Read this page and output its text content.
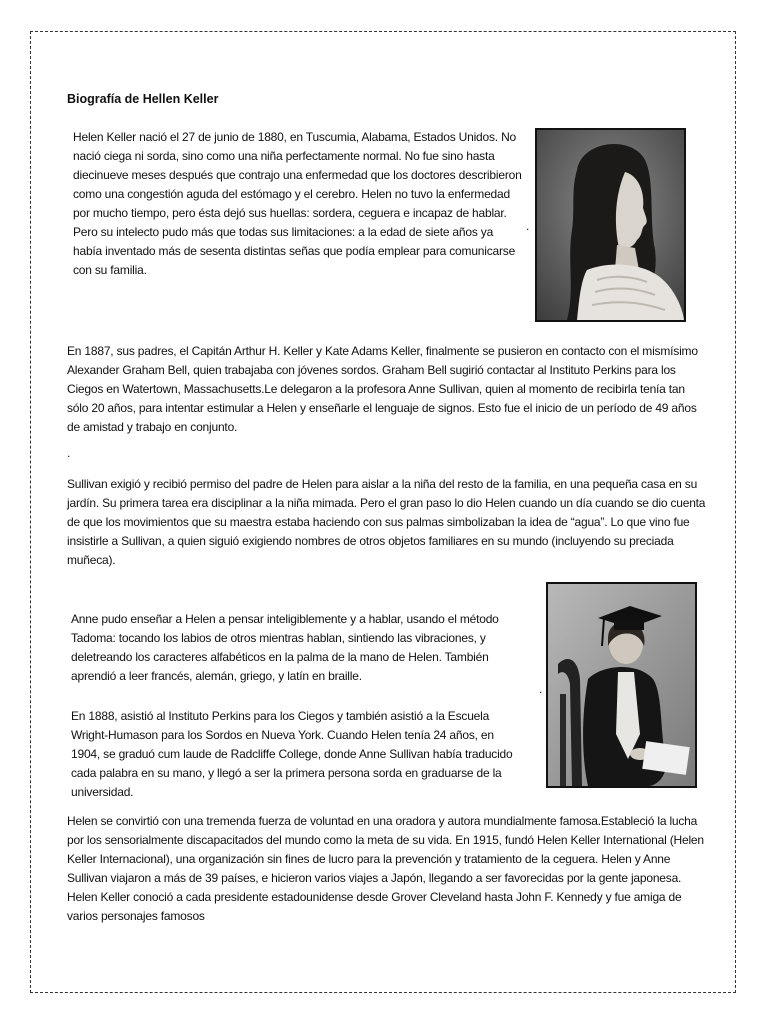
Biografía de Hellen Keller
Helen Keller nació el 27 de junio de 1880, en Tuscumia, Alabama, Estados Unidos. No nació ciega ni sorda, sino como una niña perfectamente normal. No fue sino hasta diecinueve meses después que contrajo una enfermedad que los doctores describieron como una congestión aguda del estómago y el cerebro. Helen no tuvo la enfermedad por mucho tiempo, pero ésta dejó sus huellas: sordera, ceguera e incapaz de hablar. Pero su intelecto pudo más que todas sus limitaciones: a la edad de siete años ya había inventado más de sesenta distintas señas que podía emplear para comunicarse con su familia.
.
En 1887, sus padres, el Capitán Arthur H. Keller y Kate Adams Keller, finalmente se pusieron en contacto con el mismísimo Alexander Graham Bell, quien trabajaba con jóvenes sordos. Graham Bell sugirió contactar al Instituto Perkins para los Ciegos en Watertown, Massachusetts.Le delegaron a la profesora Anne Sullivan, quien al momento de recibirla tenía tan sólo 20 años, para intentar estimular a Helen y enseñarle el lenguaje de signos. Esto fue el inicio de un período de 49 años de amistad y trabajo en conjunto.
.
Sullivan exigió y recibió permiso del padre de Helen para aislar a la niña del resto de la familia, en una pequeña casa en su jardín. Su primera tarea era disciplinar a la niña mimada. Pero el gran paso lo dio Helen cuando un día cuando se dio cuenta de que los movimientos que su maestra estaba haciendo con sus palmas simbolizaban la idea de “agua”. Lo que vino fue insistirle a Sullivan, a quien siguió exigiendo nombres de otros objetos familiares en su mundo (incluyendo su preciada muñeca).
Anne pudo enseñar a Helen a pensar inteligiblemente y a hablar, usando el método Tadoma: tocando los labios de otros mientras hablan, sintiendo las vibraciones, y deletreando los caracteres alfabéticos en la palma de la mano de Helen. También aprendió a leer francés, alemán, griego, y latín en braille.
.
En 1888, asistió al Instituto Perkins para los Ciegos y también asistió a la Escuela Wright-Humason para los Sordos en Nueva York. Cuando Helen tenía 24 años, en 1904, se graduó cum laude de Radcliffe College, donde Anne Sullivan había traducido cada palabra en su mano, y llegó a ser la primera persona sorda en graduarse de la universidad.
Helen se convirtió con una tremenda fuerza de voluntad en una oradora y autora mundialmente famosa.Estableció la lucha por los sensorialmente discapacitados del mundo como la meta de su vida. En 1915, fundó Helen Keller International (Helen Keller Internacional), una organización sin fines de lucro para la prevención y tratamiento de la ceguera. Helen y Anne Sullivan viajaron a más de 39 países, e hicieron varios viajes a Japón, llegando a ser favorecidas por la gente japonesa. Helen Keller conoció a cada presidente estadounidense desde Grover Cleveland hasta John F. Kennedy y fue amiga de varios personajes famosos
